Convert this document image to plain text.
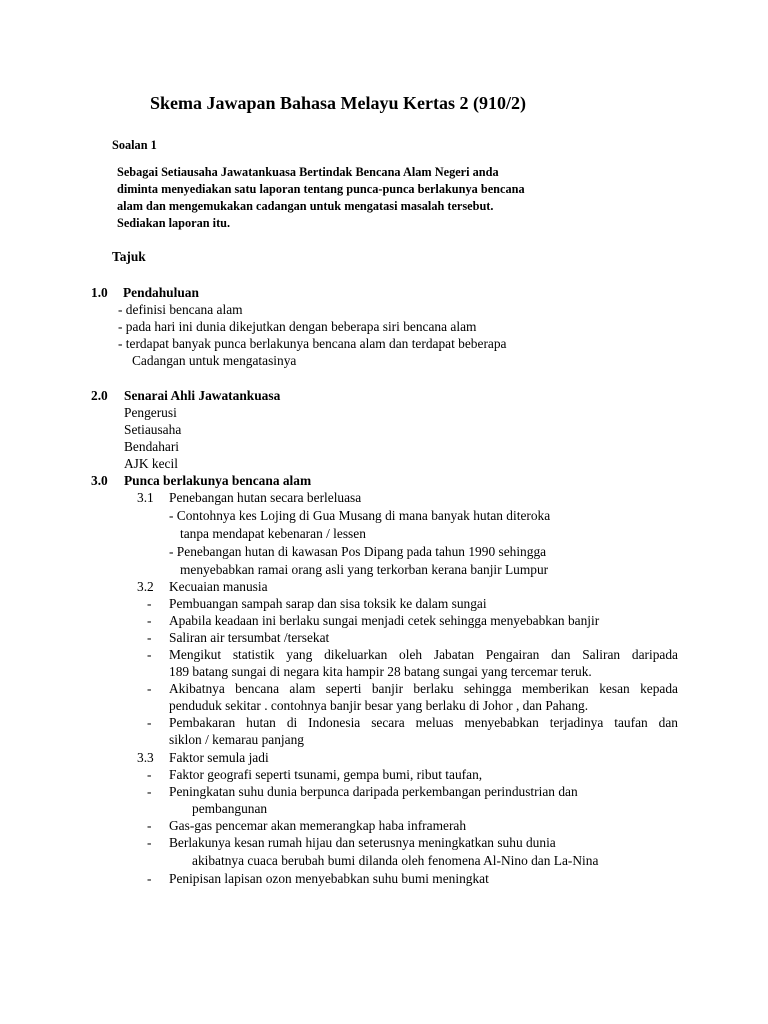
Skema Jawapan Bahasa Melayu Kertas 2 (910/2)
Soalan 1
Sebagai Setiausaha Jawatankuasa Bertindak Bencana Alam Negeri anda
diminta menyediakan satu laporan tentang punca-punca berlakunya bencana
alam dan mengemukakan cadangan untuk mengatasi masalah tersebut.
Sediakan laporan itu.
Tajuk
1.0 Pendahuluan
- definisi bencana alam
- pada hari ini dunia dikejutkan dengan beberapa siri bencana alam
- terdapat banyak punca berlakunya bencana alam dan terdapat beberapa
Cadangan untuk mengatasinya
2.0 Senarai Ahli Jawatankuasa
Pengerusi
Setiausaha
Bendahari
AJK kecil
3.0 Punca berlakunya bencana alam
3.1 Penebangan hutan secara berleluasa
- Contohnya kes Lojing di Gua Musang di mana banyak hutan diteroka
tanpa mendapat kebenaran / lessen
- Penebangan hutan di kawasan Pos Dipang pada tahun 1990 sehingga
menyebabkan ramai orang asli yang terkorban kerana banjir Lumpur
3.2 Kecuaian manusia
- Pembuangan sampah sarap dan sisa toksik ke dalam sungai
- Apabila keadaan ini berlaku sungai menjadi cetek sehingga menyebabkan banjir
- Saliran air tersumbat /tersekat
- Mengikut statistik yang dikeluarkan oleh Jabatan Pengairan dan Saliran daripada
189 batang sungai di negara kita hampir 28 batang sungai yang tercemar teruk.
- Akibatnya bencana alam seperti banjir berlaku sehingga memberikan kesan kepada
penduduk sekitar . contohnya banjir besar yang berlaku di Johor , dan Pahang.
- Pembakaran hutan di Indonesia secara meluas menyebabkan terjadinya taufan dan
siklon / kemarau panjang
3.3 Faktor semula jadi
- Faktor geografi seperti tsunami, gempa bumi, ribut taufan,
- Peningkatan suhu dunia berpunca daripada perkembangan perindustrian dan
pembangunan
- Gas-gas pencemar akan memerangkap haba inframerah
- Berlakunya kesan rumah hijau dan seterusnya meningkatkan suhu dunia
akibatnya cuaca berubah bumi dilanda oleh fenomena Al-Nino dan La-Nina
- Penipisan lapisan ozon menyebabkan suhu bumi meningkat
